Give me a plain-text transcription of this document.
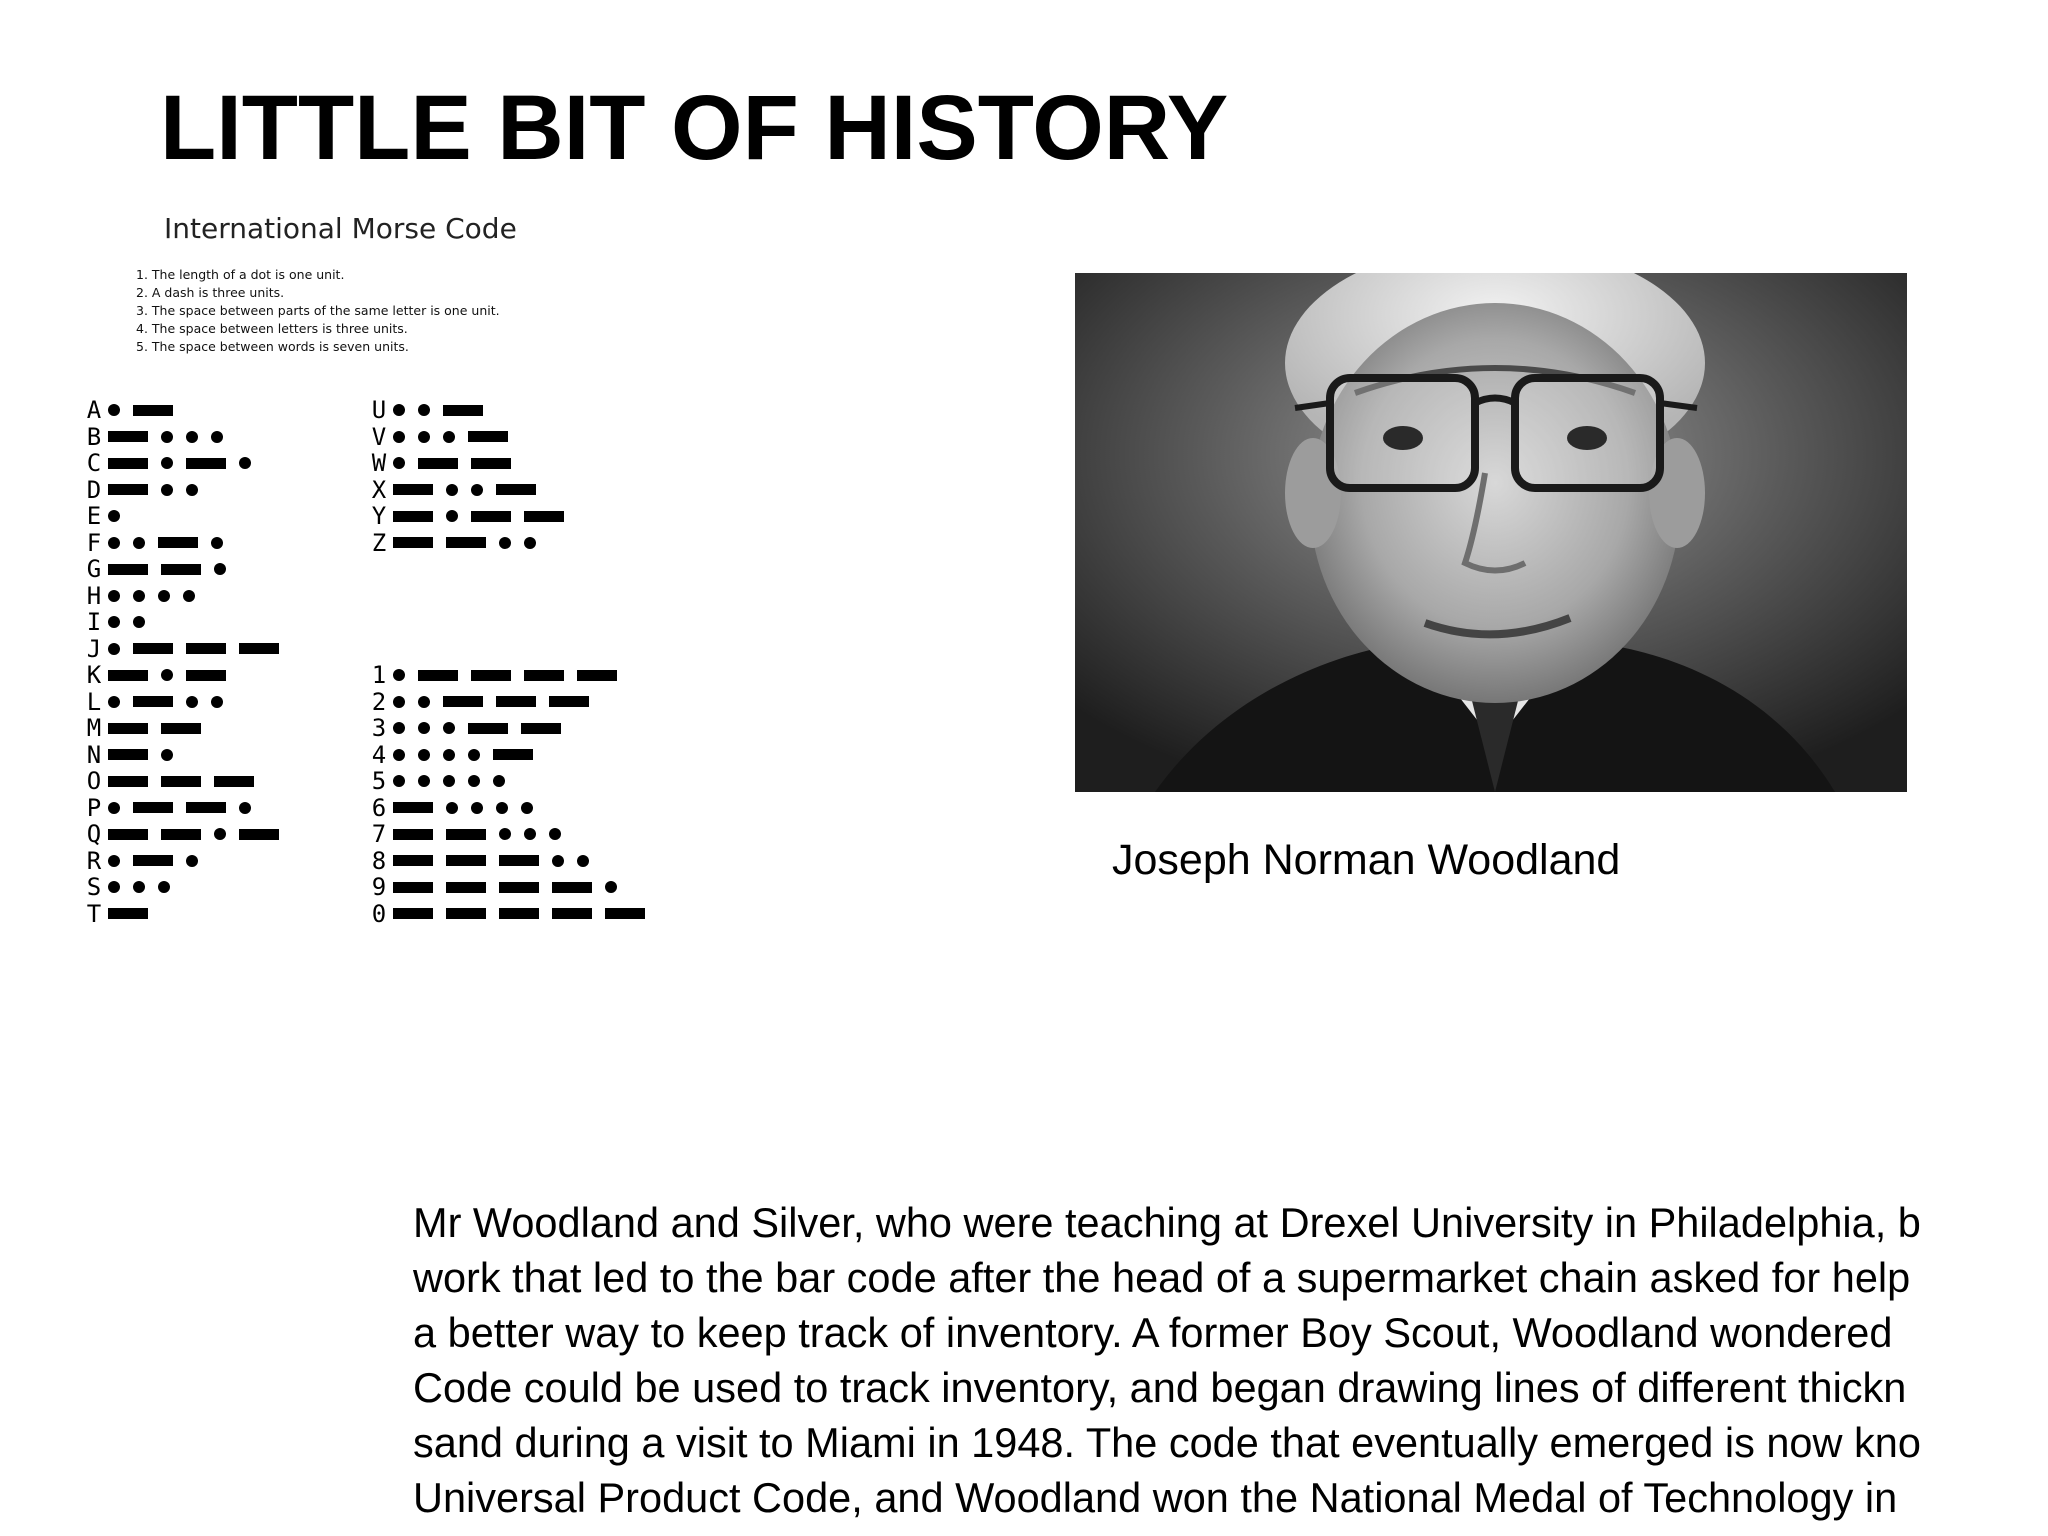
LITTLE BIT OF HISTORY
International Morse Code
1. The length of a dot is one unit.
2. A dash is three units.
3. The space between parts of the same letter is one unit.
4. The space between letters is three units.
5. The space between words is seven units.
A
B
C
D
E
F
G
H
I
J
K
L
M
N
O
P
Q
R
S
T
U
V
W
X
Y
Z
1
2
3
4
5
6
7
8
9
0
Joseph Norman Woodland
Mr Woodland and Silver, who were teaching at Drexel University in Philadelphia, b
work that led to the bar code after the head of a supermarket chain asked for help
a better way to keep track of inventory. A former Boy Scout, Woodland wondered
Code could be used to track inventory, and began drawing lines of different thickn
sand during a visit to Miami in 1948. The code that eventually emerged is now kno
Universal Product Code, and Woodland won the National Medal of Technology in
